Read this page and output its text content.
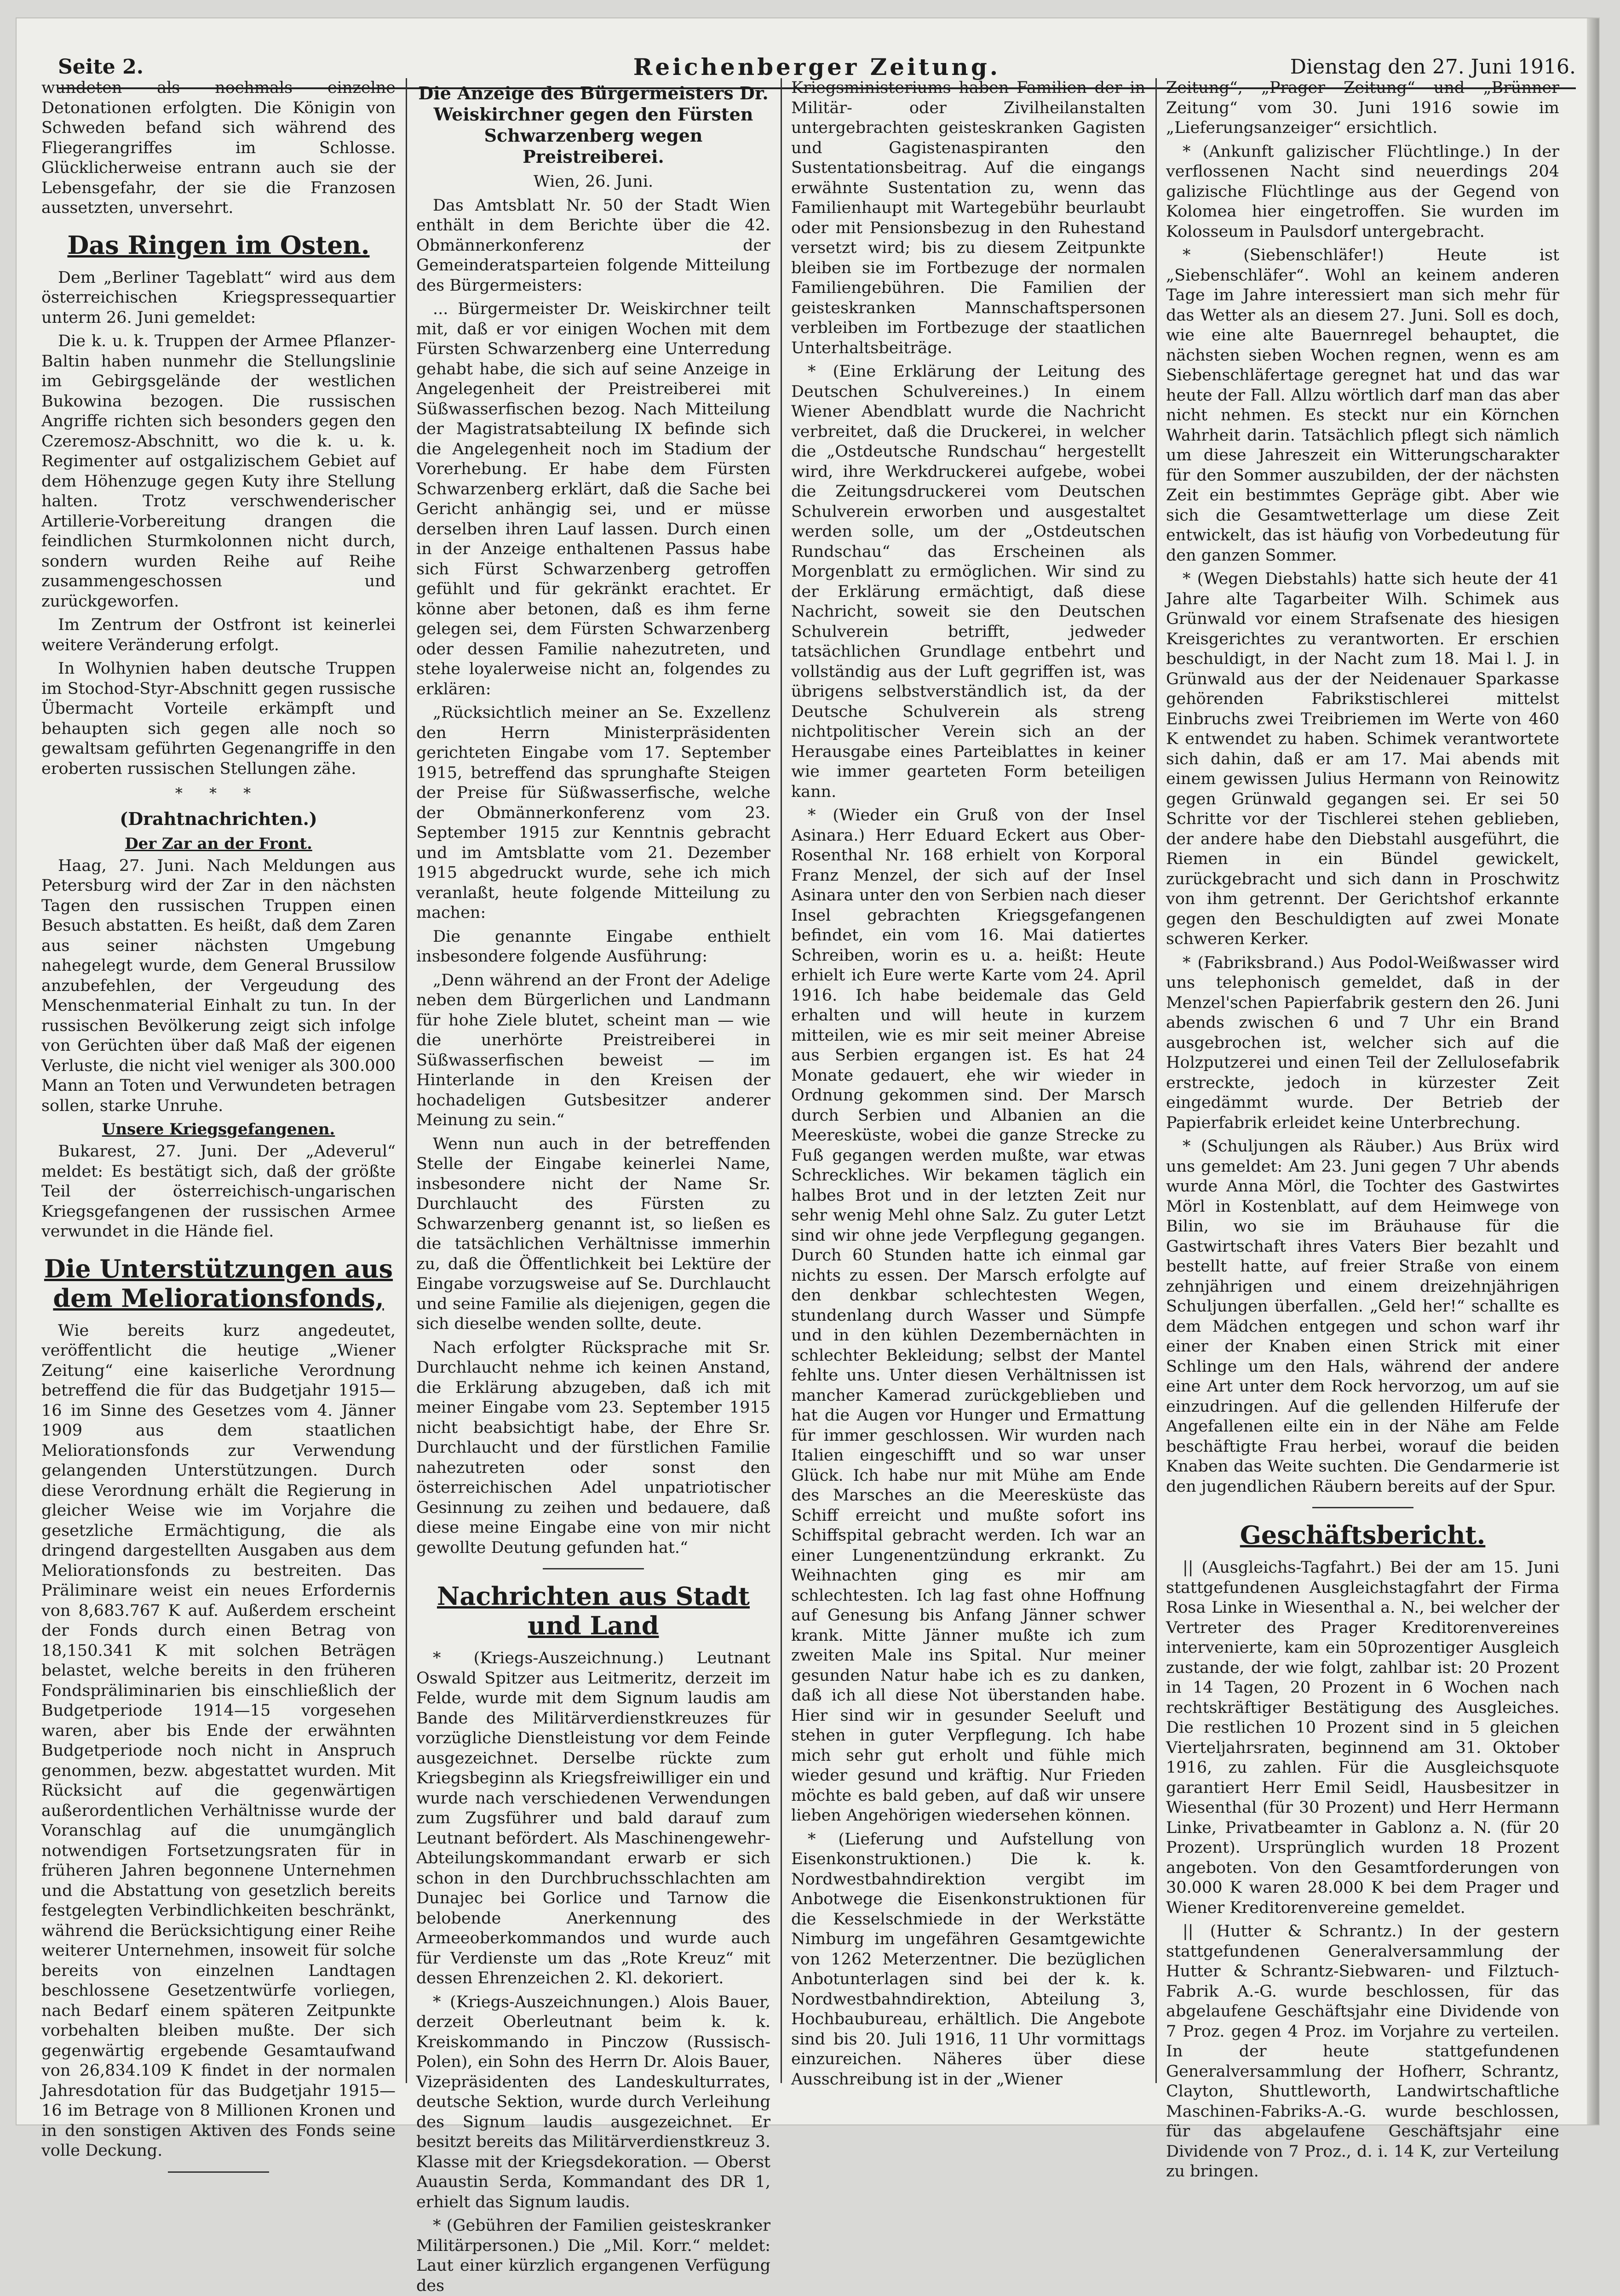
Seite 2.	Reichenberger Zeitung.	Dienstag den 27. Juni 1916.

wundeten als nochmals einzelne Detonationen erfolgten. Die Königin von Schweden befand sich während des Fliegerangriffes im Schlosse. Glücklicherweise entrann auch sie der Lebensgefahr, der sie die Franzosen aussetzten, unversehrt.

Das Ringen im Osten.

Dem „Berliner Tageblatt“ wird aus dem österreichischen Kriegspressequartier unterm 26. Juni gemeldet:

Die k. u. k. Truppen der Armee Pflanzer-Baltin haben nunmehr die Stellungslinie im Gebirgsgelände der westlichen Bukowina bezogen. Die russischen Angriffe richten sich besonders gegen den Czeremosz-Abschnitt, wo die k. u. k. Regimenter auf ostgalizischem Gebiet auf dem Höhenzuge gegen Kuty ihre Stellung halten. Trotz verschwenderischer Artillerie-Vorbereitung drangen die feindlichen Sturmkolonnen nicht durch, sondern wurden Reihe auf Reihe zusammengeschossen und zurückgeworfen.

Im Zentrum der Ostfront ist keinerlei weitere Veränderung erfolgt.

In Wolhynien haben deutsche Truppen im Stochod-Styr-Abschnitt gegen russische Übermacht Vorteile erkämpft und behaupten sich gegen alle noch so gewaltsam geführten Gegenangriffe in den eroberten russischen Stellungen zähe.

* * *
(Drahtnachrichten.)
Der Zar an der Front.

Haag, 27. Juni. Nach Meldungen aus Petersburg wird der Zar in den nächsten Tagen den russischen Truppen einen Besuch abstatten. Es heißt, daß dem Zaren aus seiner nächsten Umgebung nahegelegt wurde, dem General Brussilow anzubefehlen, der Vergeudung des Menschenmaterial Einhalt zu tun. In der russischen Bevölkerung zeigt sich infolge von Gerüchten über daß Maß der eigenen Verluste, die nicht viel weniger als 300.000 Mann an Toten und Verwundeten betragen sollen, starke Unruhe.

Unsere Kriegsgefangenen.

Bukarest, 27. Juni. Der „Adeverul“ meldet: Es bestätigt sich, daß der größte Teil der österreichisch-ungarischen Kriegsgefangenen der russischen Armee verwundet in die Hände fiel.

Die Unterstützungen aus dem Meliorationsfonds,

Wie bereits kurz angedeutet, veröffentlicht die heutige „Wiener Zeitung“ eine kaiserliche Verordnung betreffend die für das Budgetjahr 1915—16 im Sinne des Gesetzes vom 4. Jänner 1909 aus dem staatlichen Meliorationsfonds zur Verwendung gelangenden Unterstützungen. Durch diese Verordnung erhält die Regierung in gleicher Weise wie im Vorjahre die gesetzliche Ermächtigung, die als dringend dargestellten Ausgaben aus dem Meliorationsfonds zu bestreiten. Das Präliminare weist ein neues Erfordernis von 8,683.767 K auf. Außerdem erscheint der Fonds durch einen Betrag von 18,150.341 K mit solchen Beträgen belastet, welche bereits in den früheren Fondspräliminarien bis einschließlich der Budgetperiode 1914—15 vorgesehen waren, aber bis Ende der erwähnten Budgetperiode noch nicht in Anspruch genommen, bezw. abgestattet wurden. Mit Rücksicht auf die gegenwärtigen außerordentlichen Verhältnisse wurde der Voranschlag auf die unumgänglich notwendigen Fortsetzungsraten für in früheren Jahren begonnene Unternehmen und die Abstattung von gesetzlich bereits festgelegten Verbindlichkeiten beschränkt, während die Berücksichtigung einer Reihe weiterer Unternehmen, insoweit für solche bereits von einzelnen Landtagen beschlossene Gesetzentwürfe vorliegen, nach Bedarf einem späteren Zeitpunkte vorbehalten bleiben mußte. Der sich gegenwärtig ergebende Gesamtaufwand von 26,834.109 K findet in der normalen Jahresdotation für das Budgetjahr 1915—16 im Betrage von 8 Millionen Kronen und in den sonstigen Aktiven des Fonds seine volle Deckung.

Die Anzeige des Bürgermeisters Dr. Weiskirchner gegen den Fürsten Schwarzenberg wegen Preistreiberei.

Wien, 26. Juni.

Das Amtsblatt Nr. 50 der Stadt Wien enthält in dem Berichte über die 42. Obmännerkonferenz der Gemeinderatsparteien folgende Mitteilung des Bürgermeisters:

... Bürgermeister Dr. Weiskirchner teilt mit, daß er vor einigen Wochen mit dem Fürsten Schwarzenberg eine Unterredung gehabt habe, die sich auf seine Anzeige in Angelegenheit der Preistreiberei mit Süßwasserfischen bezog. Nach Mitteilung der Magistratsabteilung IX befinde sich die Angelegenheit noch im Stadium der Vorerhebung. Er habe dem Fürsten Schwarzenberg erklärt, daß die Sache bei Gericht anhängig sei, und er müsse derselben ihren Lauf lassen. Durch einen in der Anzeige enthaltenen Passus habe sich Fürst Schwarzenberg getroffen gefühlt und für gekränkt erachtet. Er könne aber betonen, daß es ihm ferne gelegen sei, dem Fürsten Schwarzenberg oder dessen Familie nahezutreten, und stehe loyalerweise nicht an, folgendes zu erklären:

„Rücksichtlich meiner an Se. Exzellenz den Herrn Ministerpräsidenten gerichteten Eingabe vom 17. September 1915, betreffend das sprunghafte Steigen der Preise für Süßwasserfische, welche der Obmännerkonferenz vom 23. September 1915 zur Kenntnis gebracht und im Amtsblatte vom 21. Dezember 1915 abgedruckt wurde, sehe ich mich veranlaßt, heute folgende Mitteilung zu machen:

Die genannte Eingabe enthielt insbesondere folgende Ausführung:

„Denn während an der Front der Adelige neben dem Bürgerlichen und Landmann für hohe Ziele blutet, scheint man — wie die unerhörte Preistreiberei in Süßwasserfischen beweist — im Hinterlande in den Kreisen der hochadeligen Gutsbesitzer anderer Meinung zu sein.“

Wenn nun auch in der betreffenden Stelle der Eingabe keinerlei Name, insbesondere nicht der Name Sr. Durchlaucht des Fürsten zu Schwarzenberg genannt ist, so ließen es die tatsächlichen Verhältnisse immerhin zu, daß die Öffentlichkeit bei Lektüre der Eingabe vorzugsweise auf Se. Durchlaucht und seine Familie als diejenigen, gegen die sich dieselbe wenden sollte, deute.

Nach erfolgter Rücksprache mit Sr. Durchlaucht nehme ich keinen Anstand, die Erklärung abzugeben, daß ich mit meiner Eingabe vom 23. September 1915 nicht beabsichtigt habe, der Ehre Sr. Durchlaucht und der fürstlichen Familie nahezutreten oder sonst den österreichischen Adel unpatriotischer Gesinnung zu zeihen und bedauere, daß diese meine Eingabe eine von mir nicht gewollte Deutung gefunden hat.“

Nachrichten aus Stadt und Land

* (Kriegs-Auszeichnung.) Leutnant Oswald Spitzer aus Leitmeritz, derzeit im Felde, wurde mit dem Signum laudis am Bande des Militärverdienstkreuzes für vorzügliche Dienstleistung vor dem Feinde ausgezeichnet. Derselbe rückte zum Kriegsbeginn als Kriegsfreiwilliger ein und wurde nach verschiedenen Verwendungen zum Zugsführer und bald darauf zum Leutnant befördert. Als Maschinengewehr-Abteilungskommandant erwarb er sich schon in den Durchbruchsschlachten am Dunajec bei Gorlice und Tarnow die belobende Anerkennung des Armeeoberkommandos und wurde auch für Verdienste um das „Rote Kreuz“ mit dessen Ehrenzeichen 2. Kl. dekoriert.

* (Kriegs-Auszeichnungen.) Alois Bauer, derzeit Oberleutnant beim k. k. Kreiskommando in Pinczow (Russisch-Polen), ein Sohn des Herrn Dr. Alois Bauer, Vizepräsidenten des Landeskulturrates, deutsche Sektion, wurde durch Verleihung des Signum laudis ausgezeichnet. Er besitzt bereits das Militärverdienstkreuz 3. Klasse mit der Kriegsdekoration. — Oberst Auaustin Serda, Kommandant des DR 1, erhielt das Signum laudis.

* (Gebühren der Familien geisteskranker Militärpersonen.) Die „Mil. Korr.“ meldet: Laut einer kürzlich ergangenen Verfügung des

Kriegsministeriums haben Familien der in Militär- oder Zivilheilanstalten untergebrachten geisteskranken Gagisten und Gagistenaspiranten den Sustentationsbeitrag. Auf die eingangs erwähnte Sustentation zu, wenn das Familienhaupt mit Wartegebühr beurlaubt oder mit Pensionsbezug in den Ruhestand versetzt wird; bis zu diesem Zeitpunkte bleiben sie im Fortbezuge der normalen Familiengebühren. Die Familien der geisteskranken Mannschaftspersonen verbleiben im Fortbezuge der staatlichen Unterhaltsbeiträge.

* (Eine Erklärung der Leitung des Deutschen Schulvereines.) In einem Wiener Abendblatt wurde die Nachricht verbreitet, daß die Druckerei, in welcher die „Ostdeutsche Rundschau“ hergestellt wird, ihre Werkdruckerei aufgebe, wobei die Zeitungsdruckerei vom Deutschen Schulverein erworben und ausgestaltet werden solle, um der „Ostdeutschen Rundschau“ das Erscheinen als Morgenblatt zu ermöglichen. Wir sind zu der Erklärung ermächtigt, daß diese Nachricht, soweit sie den Deutschen Schulverein betrifft, jedweder tatsächlichen Grundlage entbehrt und vollständig aus der Luft gegriffen ist, was übrigens selbstverständlich ist, da der Deutsche Schulverein als streng nichtpolitischer Verein sich an der Herausgabe eines Parteiblattes in keiner wie immer gearteten Form beteiligen kann.

* (Wieder ein Gruß von der Insel Asinara.) Herr Eduard Eckert aus Ober-Rosenthal Nr. 168 erhielt von Korporal Franz Menzel, der sich auf der Insel Asinara unter den von Serbien nach dieser Insel gebrachten Kriegsgefangenen befindet, ein vom 16. Mai datiertes Schreiben, worin es u. a. heißt: Heute erhielt ich Eure werte Karte vom 24. April 1916. Ich habe beidemale das Geld erhalten und will heute in kurzem mitteilen, wie es mir seit meiner Abreise aus Serbien ergangen ist. Es hat 24 Monate gedauert, ehe wir wieder in Ordnung gekommen sind. Der Marsch durch Serbien und Albanien an die Meeresküste, wobei die ganze Strecke zu Fuß gegangen werden mußte, war etwas Schreckliches. Wir bekamen täglich ein halbes Brot und in der letzten Zeit nur sehr wenig Mehl ohne Salz. Zu guter Letzt sind wir ohne jede Verpflegung gegangen. Durch 60 Stunden hatte ich einmal gar nichts zu essen. Der Marsch erfolgte auf den denkbar schlechtesten Wegen, stundenlang durch Wasser und Sümpfe und in den kühlen Dezembernächten in schlechter Bekleidung; selbst der Mantel fehlte uns. Unter diesen Verhältnissen ist mancher Kamerad zurückgeblieben und hat die Augen vor Hunger und Ermattung für immer geschlossen. Wir wurden nach Italien eingeschifft und so war unser Glück. Ich habe nur mit Mühe am Ende des Marsches an die Meeresküste das Schiff erreicht und mußte sofort ins Schiffspital gebracht werden. Ich war an einer Lungenentzündung erkrankt. Zu Weihnachten ging es mir am schlechtesten. Ich lag fast ohne Hoffnung auf Genesung bis Anfang Jänner schwer krank. Mitte Jänner mußte ich zum zweiten Male ins Spital. Nur meiner gesunden Natur habe ich es zu danken, daß ich all diese Not überstanden habe. Hier sind wir in gesunder Seeluft und stehen in guter Verpflegung. Ich habe mich sehr gut erholt und fühle mich wieder gesund und kräftig. Nur Frieden möchte es bald geben, auf daß wir unsere lieben Angehörigen wiedersehen können.

* (Lieferung und Aufstellung von Eisenkonstruktionen.) Die k. k. Nordwestbahndirektion vergibt im Anbotwege die Eisenkonstruktionen für die Kesselschmiede in der Werkstätte Nimburg im ungefähren Gesamtgewichte von 1262 Meterzentner. Die bezüglichen Anbotunterlagen sind bei der k. k. Nordwestbahndirektion, Abteilung 3, Hochbaubureau, erhältlich. Die Angebote sind bis 20. Juli 1916, 11 Uhr vormittags einzureichen. Näheres über diese Ausschreibung ist in der „Wiener

Zeitung“, „Prager Zeitung“ und „Brünner Zeitung“ vom 30. Juni 1916 sowie im „Lieferungsanzeiger“ ersichtlich.

* (Ankunft galizischer Flüchtlinge.) In der verflossenen Nacht sind neuerdings 204 galizische Flüchtlinge aus der Gegend von Kolomea hier eingetroffen. Sie wurden im Kolosseum in Paulsdorf untergebracht.

* (Siebenschläfer!) Heute ist „Siebenschläfer“. Wohl an keinem anderen Tage im Jahre interessiert man sich mehr für das Wetter als an diesem 27. Juni. Soll es doch, wie eine alte Bauernregel behauptet, die nächsten sieben Wochen regnen, wenn es am Siebenschläfertage geregnet hat und das war heute der Fall. Allzu wörtlich darf man das aber nicht nehmen. Es steckt nur ein Körnchen Wahrheit darin. Tatsächlich pflegt sich nämlich um diese Jahreszeit ein Witterungscharakter für den Sommer auszubilden, der der nächsten Zeit ein bestimmtes Gepräge gibt. Aber wie sich die Gesamtwetterlage um diese Zeit entwickelt, das ist häufig von Vorbedeutung für den ganzen Sommer.

* (Wegen Diebstahls) hatte sich heute der 41 Jahre alte Tagarbeiter Wilh. Schimek aus Grünwald vor einem Strafsenate des hiesigen Kreisgerichtes zu verantworten. Er erschien beschuldigt, in der Nacht zum 18. Mai l. J. in Grünwald aus der der Neidenauer Sparkasse gehörenden Fabrikstischlerei mittelst Einbruchs zwei Treibriemen im Werte von 460 K entwendet zu haben. Schimek verantwortete sich dahin, daß er am 17. Mai abends mit einem gewissen Julius Hermann von Reinowitz gegen Grünwald gegangen sei. Er sei 50 Schritte vor der Tischlerei stehen geblieben, der andere habe den Diebstahl ausgeführt, die Riemen in ein Bündel gewickelt, zurückgebracht und sich dann in Proschwitz von ihm getrennt. Der Gerichtshof erkannte gegen den Beschuldigten auf zwei Monate schweren Kerker.

* (Fabriksbrand.) Aus Podol-Weißwasser wird uns telephonisch gemeldet, daß in der Menzel'schen Papierfabrik gestern den 26. Juni abends zwischen 6 und 7 Uhr ein Brand ausgebrochen ist, welcher sich auf die Holzputzerei und einen Teil der Zellulosefabrik erstreckte, jedoch in kürzester Zeit eingedämmt wurde. Der Betrieb der Papierfabrik erleidet keine Unterbrechung.

* (Schuljungen als Räuber.) Aus Brüx wird uns gemeldet: Am 23. Juni gegen 7 Uhr abends wurde Anna Mörl, die Tochter des Gastwirtes Mörl in Kostenblatt, auf dem Heimwege von Bilin, wo sie im Bräuhause für die Gastwirtschaft ihres Vaters Bier bezahlt und bestellt hatte, auf freier Straße von einem zehnjährigen und einem dreizehnjährigen Schuljungen überfallen. „Geld her!“ schallte es dem Mädchen entgegen und schon warf ihr einer der Knaben einen Strick mit einer Schlinge um den Hals, während der andere eine Art unter dem Rock hervorzog, um auf sie einzudringen. Auf die gellenden Hilferufe der Angefallenen eilte ein in der Nähe am Felde beschäftigte Frau herbei, worauf die beiden Knaben das Weite suchten. Die Gendarmerie ist den jugendlichen Räubern bereits auf der Spur.

Geschäftsbericht.

|| (Ausgleichs-Tagfahrt.) Bei der am 15. Juni stattgefundenen Ausgleichstagfahrt der Firma Rosa Linke in Wiesenthal a. N., bei welcher der Vertreter des Prager Kreditorenvereines intervenierte, kam ein 50prozentiger Ausgleich zustande, der wie folgt, zahlbar ist: 20 Prozent in 14 Tagen, 20 Prozent in 6 Wochen nach rechtskräftiger Bestätigung des Ausgleiches. Die restlichen 10 Prozent sind in 5 gleichen Vierteljahrsraten, beginnend am 31. Oktober 1916, zu zahlen. Für die Ausgleichsquote garantiert Herr Emil Seidl, Hausbesitzer in Wiesenthal (für 30 Prozent) und Herr Hermann Linke, Privatbeamter in Gablonz a. N. (für 20 Prozent). Ursprünglich wurden 18 Prozent angeboten. Von den Gesamtforderungen von 30.000 K waren 28.000 K bei dem Prager und Wiener Kreditorenvereine gemeldet.

|| (Hutter & Schrantz.) In der gestern stattgefundenen Generalversammlung der Hutter & Schrantz-Siebwaren- und Filztuch-Fabrik A.-G. wurde beschlossen, für das abgelaufene Geschäftsjahr eine Dividende von 7 Proz. gegen 4 Proz. im Vorjahre zu verteilen. In der heute stattgefundenen Generalversammlung der Hofherr, Schrantz, Clayton, Shuttleworth, Landwirtschaftliche Maschinen-Fabriks-A.-G. wurde beschlossen, für das abgelaufene Geschäftsjahr eine Dividende von 7 Proz., d. i. 14 K, zur Verteilung zu bringen.
